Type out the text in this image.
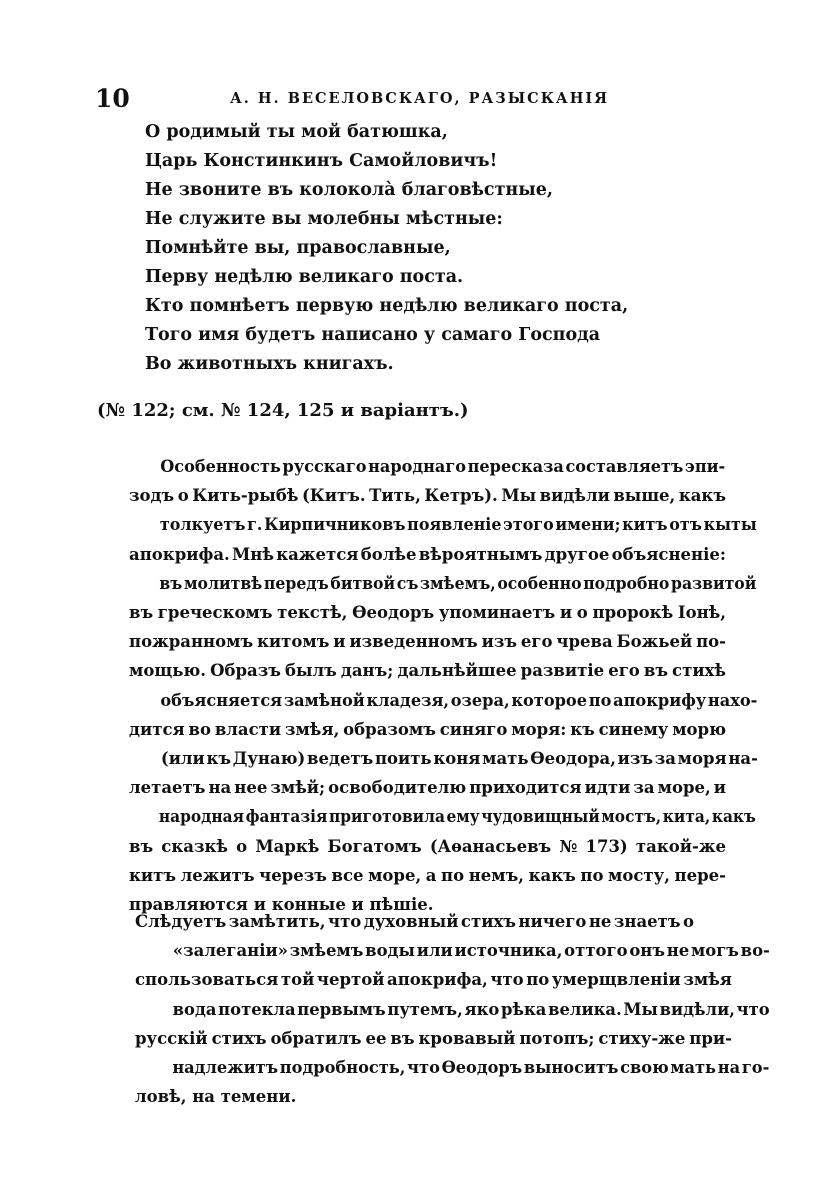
10	А. Н. ВЕСЕЛОВСКАГО, РАЗЫСКАНІЯ
О родимый ты мой батюшка,
Царь Констинкинъ Самойловичъ!
Не звоните въ колоколà благовѣстные,
Не служите вы молебны мѣстные:
Помнѣйте вы, православные,
Перву недѣлю великаго поста.
Кто помнѣетъ первую недѣлю великаго поста,
Того имя будетъ написано у самаго Господа
Во животныхъ книгахъ.
(№ 122; см. № 124, 125 и варіантъ.)
Особенность русскаго народнаго пересказа составляетъ эпи-
зодъ о Кить-рыбѣ (Китъ. Тить, Кетръ). Мы видѣли выше, какъ
толкуетъ г. Кирпичниковъ появленіе этого имени; китъ отъ кыты
апокрифа. Мнѣ кажется болѣе вѣроятнымъ другое объясненіе:
въ молитвѣ передъ битвой съ змѣемъ, особенно подробно развитой
въ греческомъ текстѣ, Ѳеодоръ упоминаетъ и о пророкѣ Іонѣ,
пожранномъ китомъ и изведенномъ изъ его чрева Божьей по-
мощью. Образъ былъ данъ; дальнѣйшее развитіе его въ стихѣ
объясняется замѣной кладезя, озера, которое по апокрифу нахо-
дится во власти змѣя, образомъ синяго моря: къ синему морю
(или къ Дунаю) ведетъ поить коня мать Ѳеодора, изъ за моря на-
летаетъ на нее змѣй; освободителю приходится идти за море, и
народная фантазія приготовила ему чудовищный мостъ, кита, какъ
въ сказкѣ о Маркѣ Богатомъ (Аѳанасьевъ № 173) такой-же
китъ лежитъ черезъ все море, а по немъ, какъ по мосту, пере-
правляются и конные и пѣшіе.
Слѣдуетъ замѣтить, что духовный стихъ ничего не знаетъ о
«залеганіи» змѣемъ воды или источника, оттого онъ не могъ во-
спользоваться той чертой апокрифа, что по умерщвленіи змѣя
вода потекла первымъ путемъ, яко рѣка велика. Мы видѣли, что
русскій стихъ обратилъ ее въ кровавый потопъ; стиху-же при-
надлежитъ подробность, что Ѳеодоръ выноситъ свою мать на го-
ловѣ, на темени.
